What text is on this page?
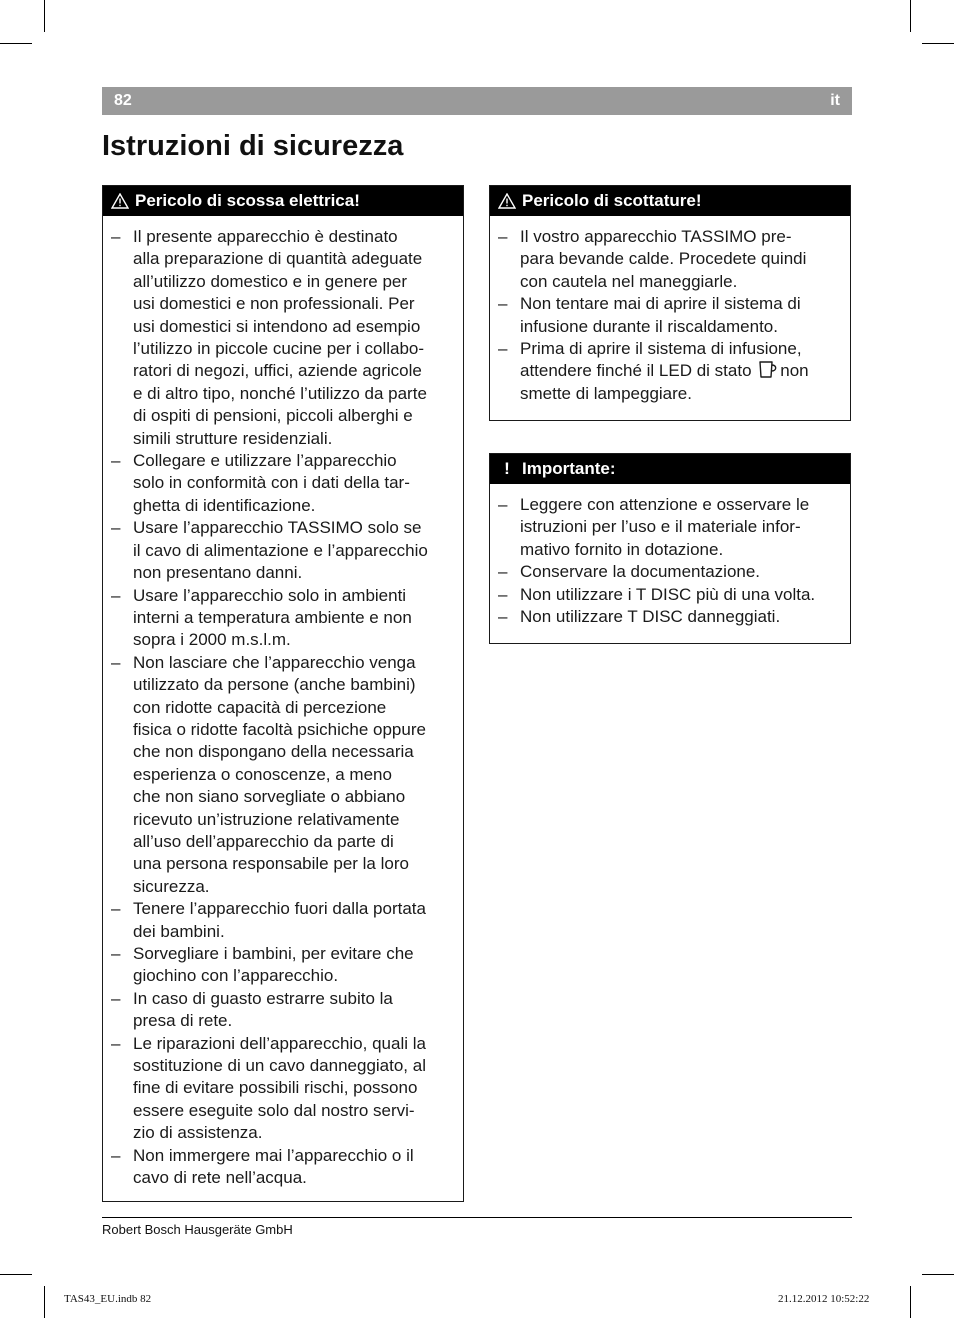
82	it
Istruzioni di sicurezza
Pericolo di scossa elettrica!
– Il presente apparecchio è destinato
alla preparazione di quantità adeguate
all’utilizzo domestico e in genere per
usi domestici e non professionali. Per
usi domestici si intendono ad esempio
l’utilizzo in piccole cucine per i collabo-
ratori di negozi, uffici, aziende agricole
e di altro tipo, nonché l’utilizzo da parte
di ospiti di pensioni, piccoli alberghi e
simili strutture residenziali.
– Collegare e utilizzare l’apparecchio
solo in conformità con i dati della tar-
ghetta di identificazione.
– Usare l’apparecchio TASSIMO solo se
il cavo di alimentazione e l’apparecchio
non presentano danni.
– Usare l’apparecchio solo in ambienti
interni a temperatura ambiente e non
sopra i 2000 m.s.l.m.
– Non lasciare che l’apparecchio venga
utilizzato da persone (anche bambini)
con ridotte capacità di percezione
fisica o ridotte facoltà psichiche oppure
che non dispongano della necessaria
esperienza o conoscenze, a meno
che non siano sorvegliate o abbiano
ricevuto un’istruzione relativamente
all’uso dell’apparecchio da parte di
una persona responsabile per la loro
sicurezza.
– Tenere l’apparecchio fuori dalla portata
dei bambini.
– Sorvegliare i bambini, per evitare che
giochino con l’apparecchio.
– In caso di guasto estrarre subito la
presa di rete.
– Le riparazioni dell’apparecchio, quali la
sostituzione di un cavo danneggiato, al
fine di evitare possibili rischi, possono
essere eseguite solo dal nostro servi-
zio di assistenza.
– Non immergere mai l’apparecchio o il
cavo di rete nell’acqua.
Pericolo di scottature!
– Il vostro apparecchio TASSIMO pre-
para bevande calde. Procedete quindi
con cautela nel maneggiarle.
– Non tentare mai di aprire il sistema di
infusione durante il riscaldamento.
– Prima di aprire il sistema di infusione,
attendere finché il LED di stato non
smette di lampeggiare.
! Importante:
– Leggere con attenzione e osservare le
istruzioni per l’uso e il materiale infor-
mativo fornito in dotazione.
– Conservare la documentazione.
– Non utilizzare i T DISC più di una volta.
– Non utilizzare T DISC danneggiati.
Robert Bosch Hausgeräte GmbH
TAS43_EU.indb 82	21.12.2012 10:52:22
